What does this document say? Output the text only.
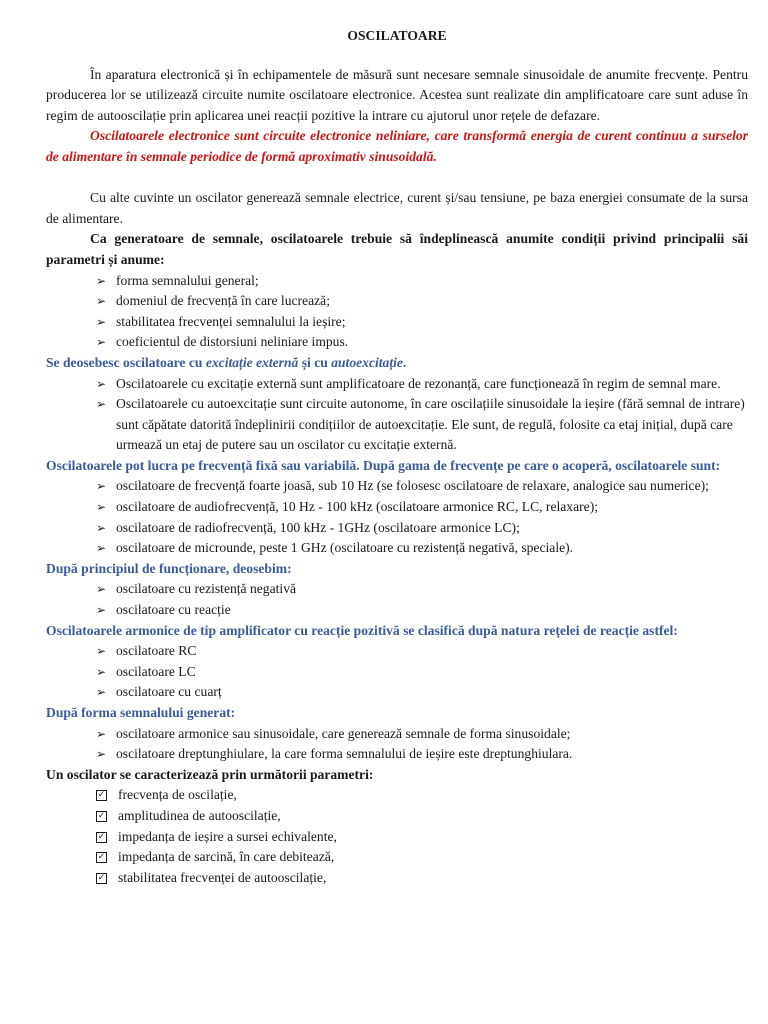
OSCILATOARE

În aparatura electronică și în echipamentele de măsură sunt necesare semnale sinusoidale de anumite frecvențe. Pentru producerea lor se utilizează circuite numite oscilatoare electronice. Acestea sunt realizate din amplificatoare care sunt aduse în regim de autooscilație prin aplicarea unei reacții pozitive la intrare cu ajutorul unor rețele de defazare.

Oscilatoarele electronice sunt circuite electronice neliniare, care transformă energia de curent continuu a surselor de alimentare în semnale periodice de formă aproximativ sinusoidală.

Cu alte cuvinte un oscilator generează semnale electrice, curent și/sau tensiune, pe baza energiei consumate de la sursa de alimentare.

Ca generatoare de semnale, oscilatoarele trebuie să îndeplinească anumite condiții privind principalii săi parametri și anume:

➢ forma semnalului general;
➢ domeniul de frecvență în care lucrează;
➢ stabilitatea frecvenței semnalului la ieșire;
➢ coeficientul de distorsiuni neliniare impus.
Se deosebesc oscilatoare cu excitație externă și cu autoexcitație.
➢ Oscilatoarele cu excitație externă sunt amplificatoare de rezonanță, care funcționează în regim de semnal mare.
➢ Oscilatoarele cu autoexcitație sunt circuite autonome, în care oscilațiile sinusoidale la ieșire (fără semnal de intrare) sunt căpătate datorită îndeplinirii condițiilor de autoexcitație. Ele sunt, de regulă, folosite ca etaj inițial, după care urmează un etaj de putere sau un oscilator cu excitație externă.
Oscilatoarele pot lucra pe frecvență fixă sau variabilă. După gama de frecvențe pe care o acoperă, oscilatoarele sunt:
➢ oscilatoare de frecvență foarte joasă, sub 10 Hz (se folosesc oscilatoare de relaxare, analogice sau numerice);
➢ oscilatoare de audiofrecvență, 10 Hz - 100 kHz (oscilatoare armonice RC, LC, relaxare);
➢ oscilatoare de radiofrecvență, 100 kHz - 1GHz (oscilatoare armonice LC);
➢ oscilatoare de microunde, peste 1 GHz (oscilatoare cu rezistență negativă, speciale).
După principiul de funcționare, deosebim:
➢ oscilatoare cu rezistență negativă
➢ oscilatoare cu reacție
Oscilatoarele armonice de tip amplificator cu reacție pozitivă se clasifică după natura rețelei de reacție astfel:
➢ oscilatoare RC
➢ oscilatoare LC
➢ oscilatoare cu cuarț
După forma semnalului generat:
➢ oscilatoare armonice sau sinusoidale, care generează semnale de forma sinusoidale;
➢ oscilatoare dreptunghiulare, la care forma semnalului de ieșire este dreptunghiulara.

Un oscilator se caracterizează prin următorii parametri:

✓ frecvența de oscilație,
✓ amplitudinea de autooscilație,
✓ impedanța de ieșire a sursei echivalente,
✓ impedanța de sarcină, în care debitează,
✓ stabilitatea frecvenței de autooscilație,
